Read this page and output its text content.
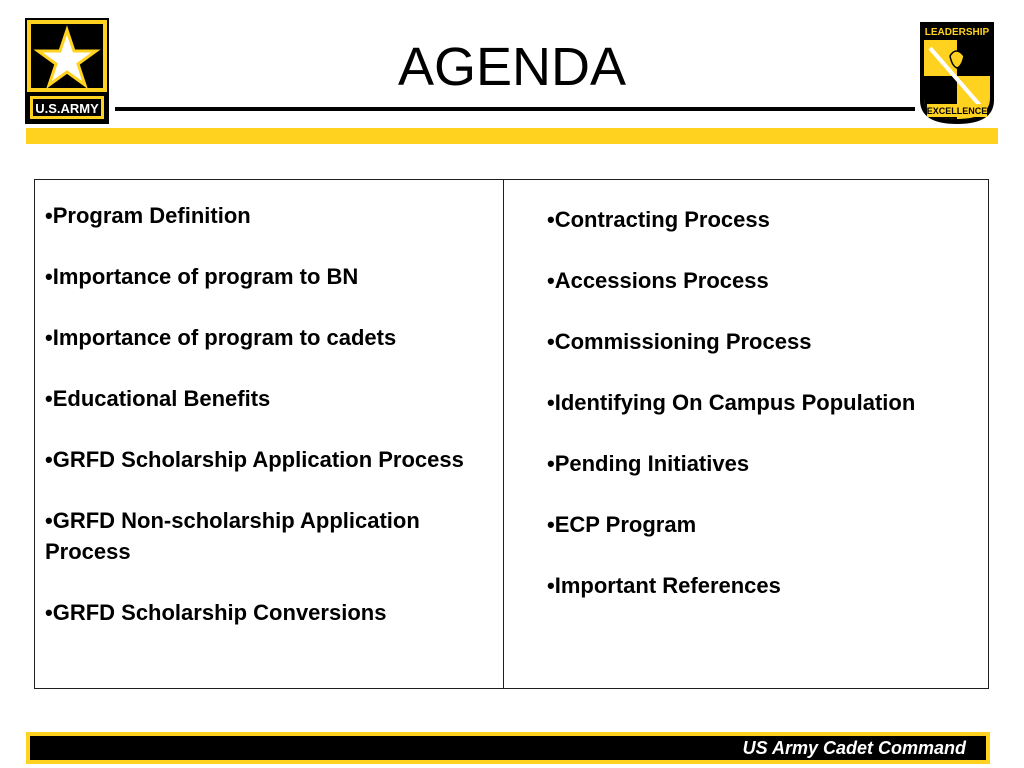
U.S.ARMY
LEADERSHIP
EXCELLENCE
AGENDA
•Program Definition
•Importance of program to BN
•Importance of program to cadets
•Educational Benefits
•GRFD Scholarship Application Process
•GRFD Non-scholarship Application Process
•GRFD Scholarship Conversions
•Contracting Process
•Accessions Process
•Commissioning Process
•Identifying On Campus Population
•Pending Initiatives
•ECP Program
•Important References
US Army Cadet Command
